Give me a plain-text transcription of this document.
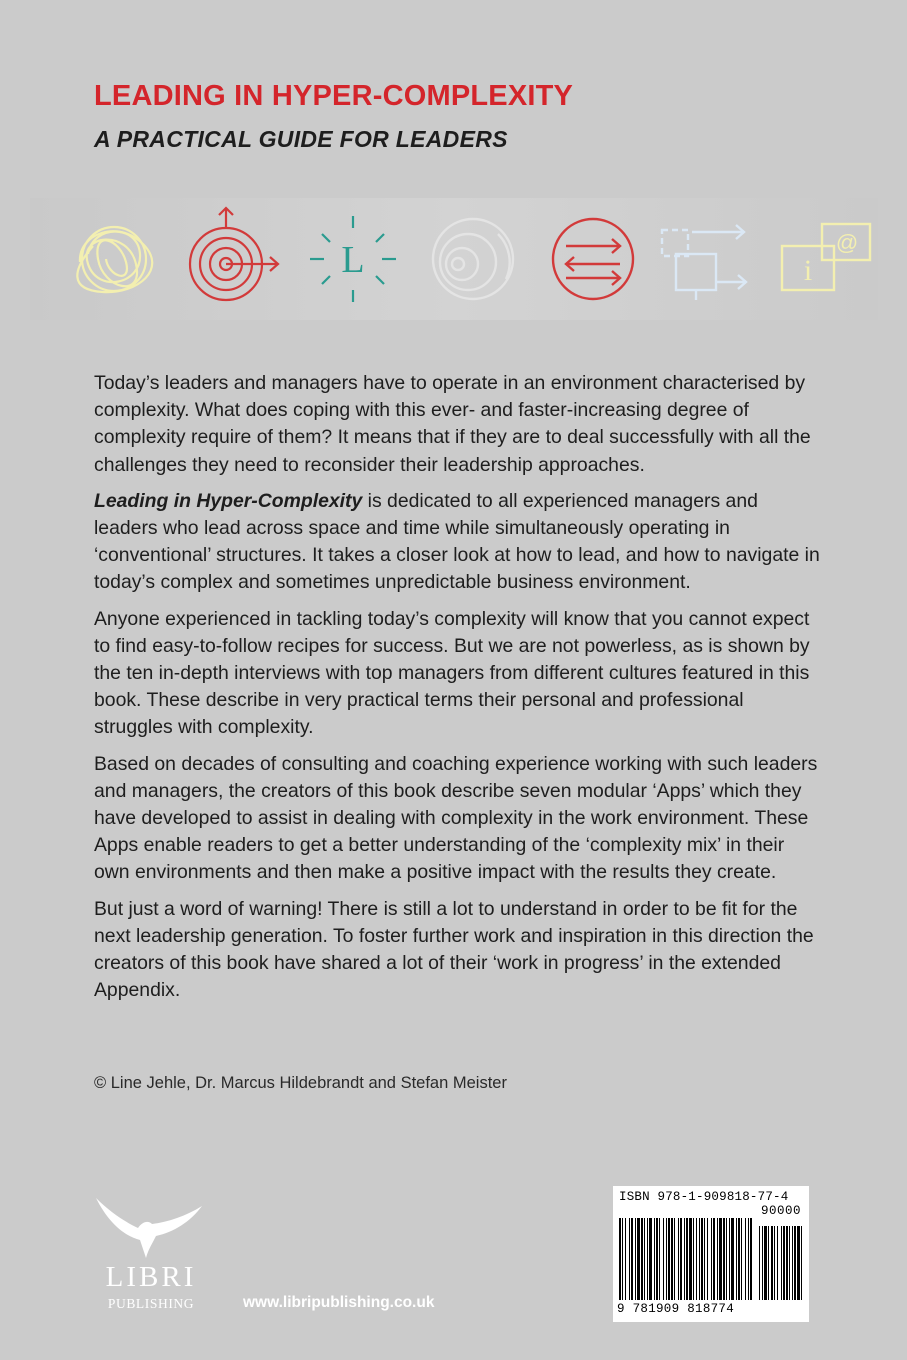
LEADING IN HYPER-COMPLEXITY
A PRACTICAL GUIDE FOR LEADERS
L	i
@

Today’s leaders and managers have to operate in an environment characterised by complexity. What does coping with this ever- and faster-increasing degree of complexity require of them? It means that if they are to deal successfully with all the challenges they need to reconsider their leadership approaches.

Leading in Hyper-Complexity is dedicated to all experienced managers and leaders who lead across space and time while simultaneously operating in ‘conventional’ structures. It takes a closer look at how to lead, and how to navigate in today’s complex and sometimes unpredictable business environment.

Anyone experienced in tackling today’s complexity will know that you cannot expect to find easy-to-follow recipes for success. But we are not powerless, as is shown by the ten in-depth interviews with top managers from different cultures featured in this book. These describe in very practical terms their personal and professional struggles with complexity.

Based on decades of consulting and coaching experience working with such leaders and managers, the creators of this book describe seven modular ‘Apps’ which they have developed to assist in dealing with complexity in the work environment. These Apps enable readers to get a better understanding of the ‘complexity mix’ in their own environments and then make a positive impact with the results they create.

But just a word of warning! There is still a lot to understand in order to be fit for the next leadership generation. To foster further work and inspiration in this direction the creators of this book have shared a lot of their ‘work in progress’ in the extended Appendix.

© Line Jehle, Dr. Marcus Hildebrandt and Stefan Meister
LIBRI
PUBLISHING	www.libripublishing.co.uk
ISBN 978-1-909818-77-4
90000
9 781909 818774
